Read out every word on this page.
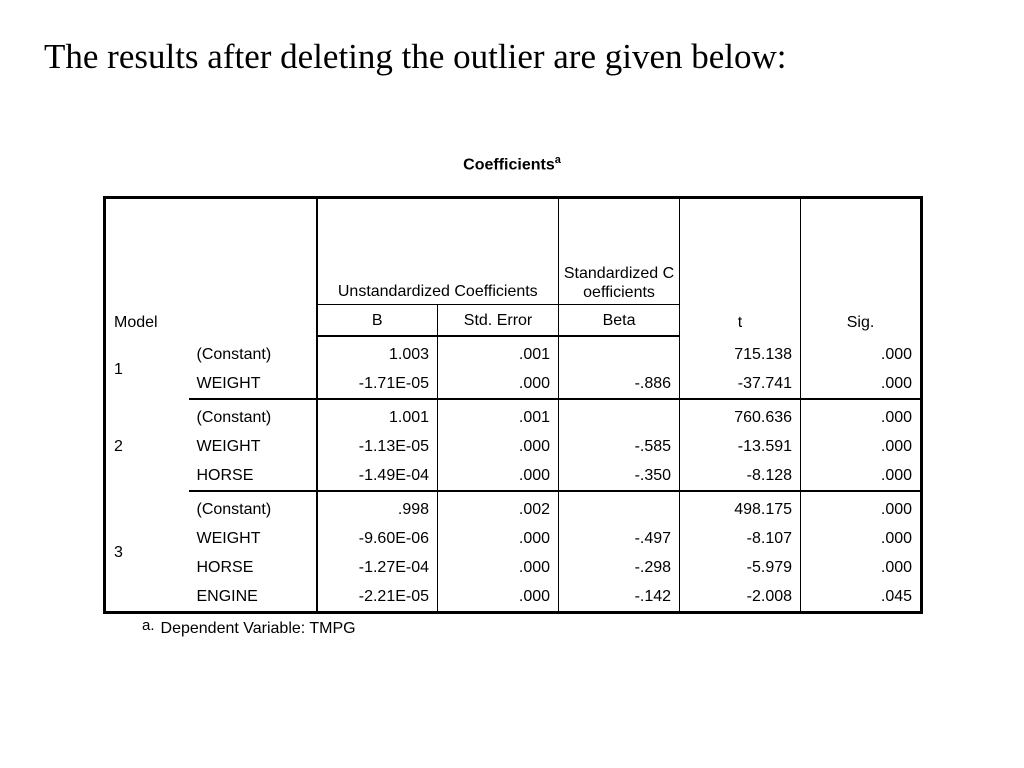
The results after deleting the outlier are given below:
Coefficients$^a$
Model		Unstandardized Coefficients		Standardized Coefficients	t	Sig.
		B	Std. Error	Beta		
1	(Constant)	1.003	.001		715.138	.000
	WEIGHT	-1.71E-05	.000	-.886	-37.741	.000
2	(Constant)	1.001	.001		760.636	.000
	WEIGHT	-1.13E-05	.000	-.585	-13.591	.000
	HORSE	-1.49E-04	.000	-.350	-8.128	.000
3	(Constant)	.998	.002		498.175	.000
	WEIGHT	-9.60E-06	.000	-.497	-8.107	.000
	HORSE	-1.27E-04	.000	-.298	-5.979	.000
	ENGINE	-2.21E-05	.000	-.142	-2.008	.045
a. Dependent Variable: TMPG
